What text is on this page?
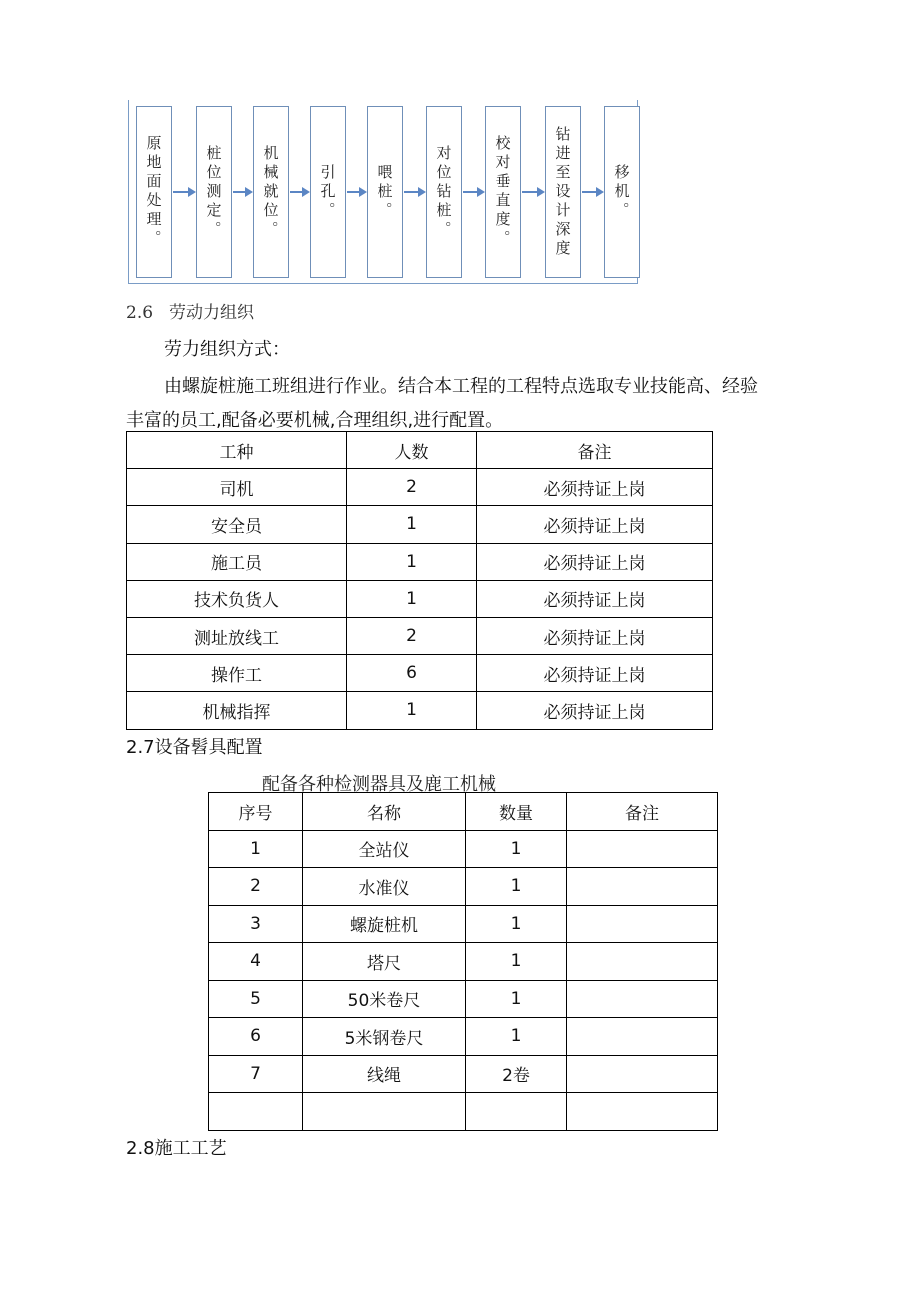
原地面处理。	桩位测定。	机械就位。	引孔。	喂桩。	对位钻桩。	校对垂直度。	钻进至设计深度	移机。
2.6 劳动力组织
劳力组织方式：
由螺旋桩施工班组进行作业。结合本工程的工程特点选取专业技能高、经验
丰富的员工,配备必要机械,合理组织,进行配置。
工种	人数	备注
司机	2	必须持证上岗
安全员	1	必须持证上岗
施工员	1	必须持证上岗
技术负货人	1	必须持证上岗
测址放线工	2	必须持证上岗
操作工	6	必须持证上岗
机械指挥	1	必须持证上岗
2.7设备髫具配置
配备各种检测器具及鹿工机械
序号	名称	数量	备注
1	全站仪	1	
2	水准仪	1	
3	螺旋桩机	1	
4	塔尺	1	
5	50米卷尺	1	
6	5米钢卷尺	1	
7	线绳	2卷	

2.8施工工艺
